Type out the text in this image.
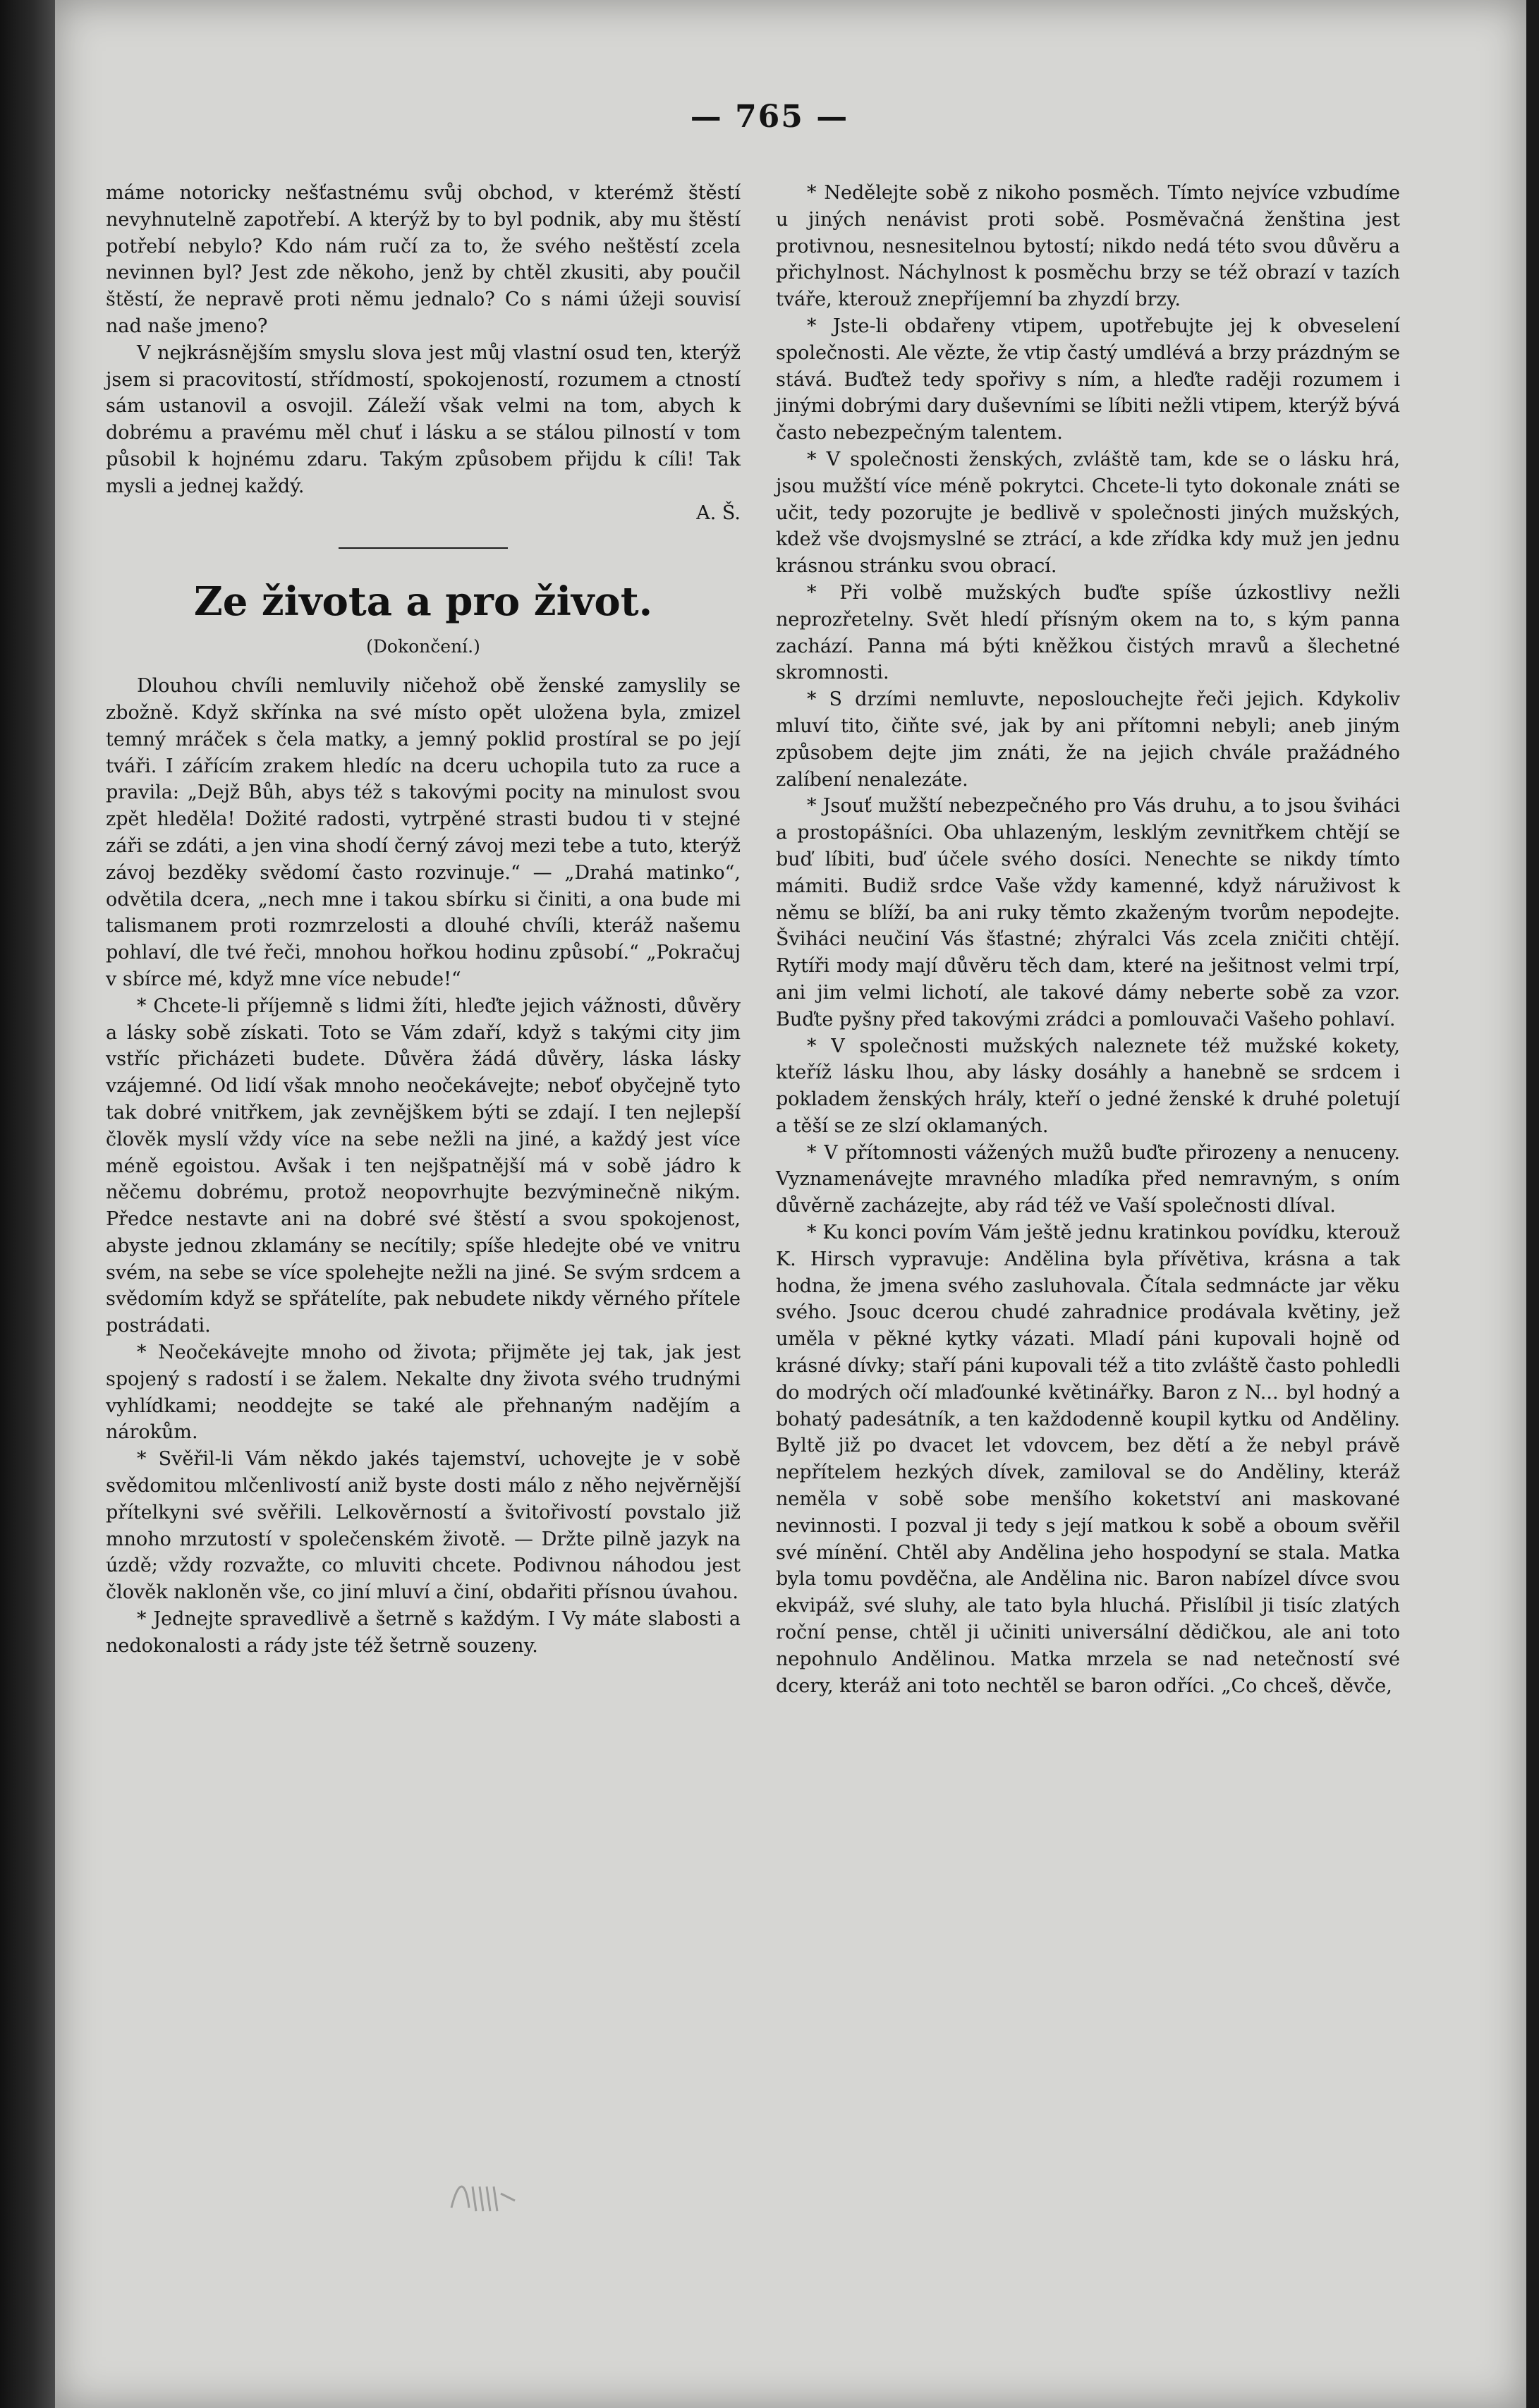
— 765 —

máme notoricky nešťastnému svůj obchod, v kterémž štěstí nevyhnutelně zapotřebí. A kterýž by to byl podnik, aby mu štěstí potřebí nebylo? Kdo nám ručí za to, že svého neštěstí zcela nevinnen byl? Jest zde někoho, jenž by chtěl zkusiti, aby poučil štěstí, že nepravě proti němu jednalo? Co s námi úžeji souvisí nad naše jmeno?

V nejkrásnějším smyslu slova jest můj vlastní osud ten, kterýž jsem si pracovitostí, střídmostí, spokojeností, rozumem a ctností sám ustanovil a osvojil. Záleží však velmi na tom, abych k dobrému a pravému měl chuť i lásku a se stálou pilností v tom působil k hojnému zdaru. Takým způsobem přijdu k cíli! Tak mysli a jednej každý.

A. Š.
Ze života a pro život.
(Dokončení.)

Dlouhou chvíli nemluvily ničehož obě ženské zamyslily se zbožně. Když skřínka na své místo opět uložena byla, zmizel temný mráček s čela matky, a jemný poklid prostíral se po její tváři. I zářícím zrakem hledíc na dceru uchopila tuto za ruce a pravila: „Dejž Bůh, abys též s takovými pocity na minulost svou zpět hleděla! Dožité radosti, vytrpěné strasti budou ti v stejné záři se zdáti, a jen vina shodí černý závoj mezi tebe a tuto, kterýž závoj bezděky svědomí často rozvinuje.“ — „Drahá matinko“, odvětila dcera, „nech mne i takou sbírku si činiti, a ona bude mi talismanem proti rozmrzelosti a dlouhé chvíli, kteráž našemu pohlaví, dle tvé řeči, mnohou hořkou hodinu způsobí.“ „Pokračuj v sbírce mé, když mne více nebude!“

* Chcete-li příjemně s lidmi žíti, hleďte jejich vážnosti, důvěry a lásky sobě získati. Toto se Vám zdaří, když s takými city jim vstříc přicházeti budete. Důvěra žádá důvěry, láska lásky vzájemné. Od lidí však mnoho neočekávejte; neboť obyčejně tyto tak dobré vnitřkem, jak zevnějškem býti se zdají. I ten nejlepší člověk myslí vždy více na sebe nežli na jiné, a každý jest více méně egoistou. Avšak i ten nejšpatnější má v sobě jádro k něčemu dobrému, protož neopovrhujte bezvýminečně nikým. Předce nestavte ani na dobré své štěstí a svou spokojenost, abyste jednou zklamány se necítily; spíše hledejte obé ve vnitru svém, na sebe se více spolehejte nežli na jiné. Se svým srdcem a svědomím když se spřátelíte, pak nebudete nikdy věrného přítele postrádati.

* Neočekávejte mnoho od života; přijměte jej tak, jak jest spojený s radostí i se žalem. Nekalte dny života svého trudnými vyhlídkami; neoddejte se také ale přehnaným nadějím a nárokům.

* Svěřil-li Vám někdo jakés tajemství, uchovejte je v sobě svědomitou mlčenlivostí aniž byste dosti málo z něho nejvěrnější přítelkyni své svěřili. Lelkověrností a švitořivostí povstalo již mnoho mrzutostí v společenském životě. — Držte pilně jazyk na úzdě; vždy rozvažte, co mluviti chcete. Podivnou náhodou jest člověk nakloněn vše, co jiní mluví a činí, obdařiti přísnou úvahou.

* Jednejte spravedlivě a šetrně s každým. I Vy máte slabosti a nedokonalosti a rády jste též šetrně souzeny.

* Nedělejte sobě z nikoho posměch. Tímto nejvíce vzbudíme u jiných nenávist proti sobě. Posměvačná ženština jest protivnou, nesnesitelnou bytostí; nikdo nedá této svou důvěru a přichylnost. Náchylnost k posměchu brzy se též obrazí v tazích tváře, kterouž znepříjemní ba zhyzdí brzy.

* Jste-li obdařeny vtipem, upotřebujte jej k obveselení společnosti. Ale vězte, že vtip častý umdlévá a brzy prázdným se stává. Buďtež tedy spořivy s ním, a hleďte raději rozumem i jinými dobrými dary duševními se líbiti nežli vtipem, kterýž bývá často nebezpečným talentem.

* V společnosti ženských, zvláště tam, kde se o lásku hrá, jsou mužští více méně pokrytci. Chcete-li tyto dokonale znáti se učit, tedy pozorujte je bedlivě v společnosti jiných mužských, kdež vše dvojsmyslné se ztrácí, a kde zřídka kdy muž jen jednu krásnou stránku svou obrací.

* Při volbě mužských buďte spíše úzkostlivy nežli neprozřetelny. Svět hledí přísným okem na to, s kým panna zachází. Panna má býti kněžkou čistých mravů a šlechetné skromnosti.

* S drzími nemluvte, neposlouchejte řeči jejich. Kdykoliv mluví tito, čiňte své, jak by ani přítomni nebyli; aneb jiným způsobem dejte jim znáti, že na jejich chvále pražádného zalíbení nenalezáte.

* Jsouť mužští nebezpečného pro Vás druhu, a to jsou šviháci a prostopášníci. Oba uhlazeným, lesklým zevnitřkem chtějí se buď líbiti, buď účele svého dosíci. Nenechte se nikdy tímto mámiti. Budiž srdce Vaše vždy kamenné, když náruživost k němu se blíží, ba ani ruky těmto zkaženým tvorům nepodejte. Šviháci neučiní Vás šťastné; zhýralci Vás zcela zničiti chtějí. Rytíři mody mají důvěru těch dam, které na ješitnost velmi trpí, ani jim velmi lichotí, ale takové dámy neberte sobě za vzor. Buďte pyšny před takovými zrádci a pomlouvači Vašeho pohlaví.

* V společnosti mužských naleznete též mužské kokety, kteříž lásku lhou, aby lásky dosáhly a hanebně se srdcem i pokladem ženských hrály, kteří o jedné ženské k druhé poletují a těší se ze slzí oklamaných.

* V přítomnosti vážených mužů buďte přirozeny a nenuceny. Vyznamenávejte mravného mladíka před nemravným, s oním důvěrně zacházejte, aby rád též ve Vaší společnosti dlíval.

* Ku konci povím Vám ještě jednu kratinkou povídku, kterouž K. Hirsch vypravuje: Andělina byla přívětiva, krásna a tak hodna, že jmena svého zasluhovala. Čítala sedmnácte jar věku svého. Jsouc dcerou chudé zahradnice prodávala květiny, jež uměla v pěkné kytky vázati. Mladí páni kupovali hojně od krásné dívky; staří páni kupovali též a tito zvláště často pohledli do modrých očí mlaďounké květinářky. Baron z N... byl hodný a bohatý padesátník, a ten každodenně koupil kytku od Anděliny. Byltě již po dvacet let vdovcem, bez dětí a že nebyl právě nepřítelem hezkých dívek, zamiloval se do Anděliny, kteráž neměla v sobě sobe menšího koketství ani maskované nevinnosti. I pozval ji tedy s její matkou k sobě a oboum svěřil své mínění. Chtěl aby Andělina jeho hospodyní se stala. Matka byla tomu povděčna, ale Andělina nic. Baron nabízel dívce svou ekvipáž, své sluhy, ale tato byla hluchá. Přislíbil ji tisíc zlatých roční pense, chtěl ji učiniti universální dědičkou, ale ani toto nepohnulo Andělinou. Matka mrzela se nad netečností své dcery, kteráž ani toto nechtěl se baron odříci. „Co chceš, děvče,
